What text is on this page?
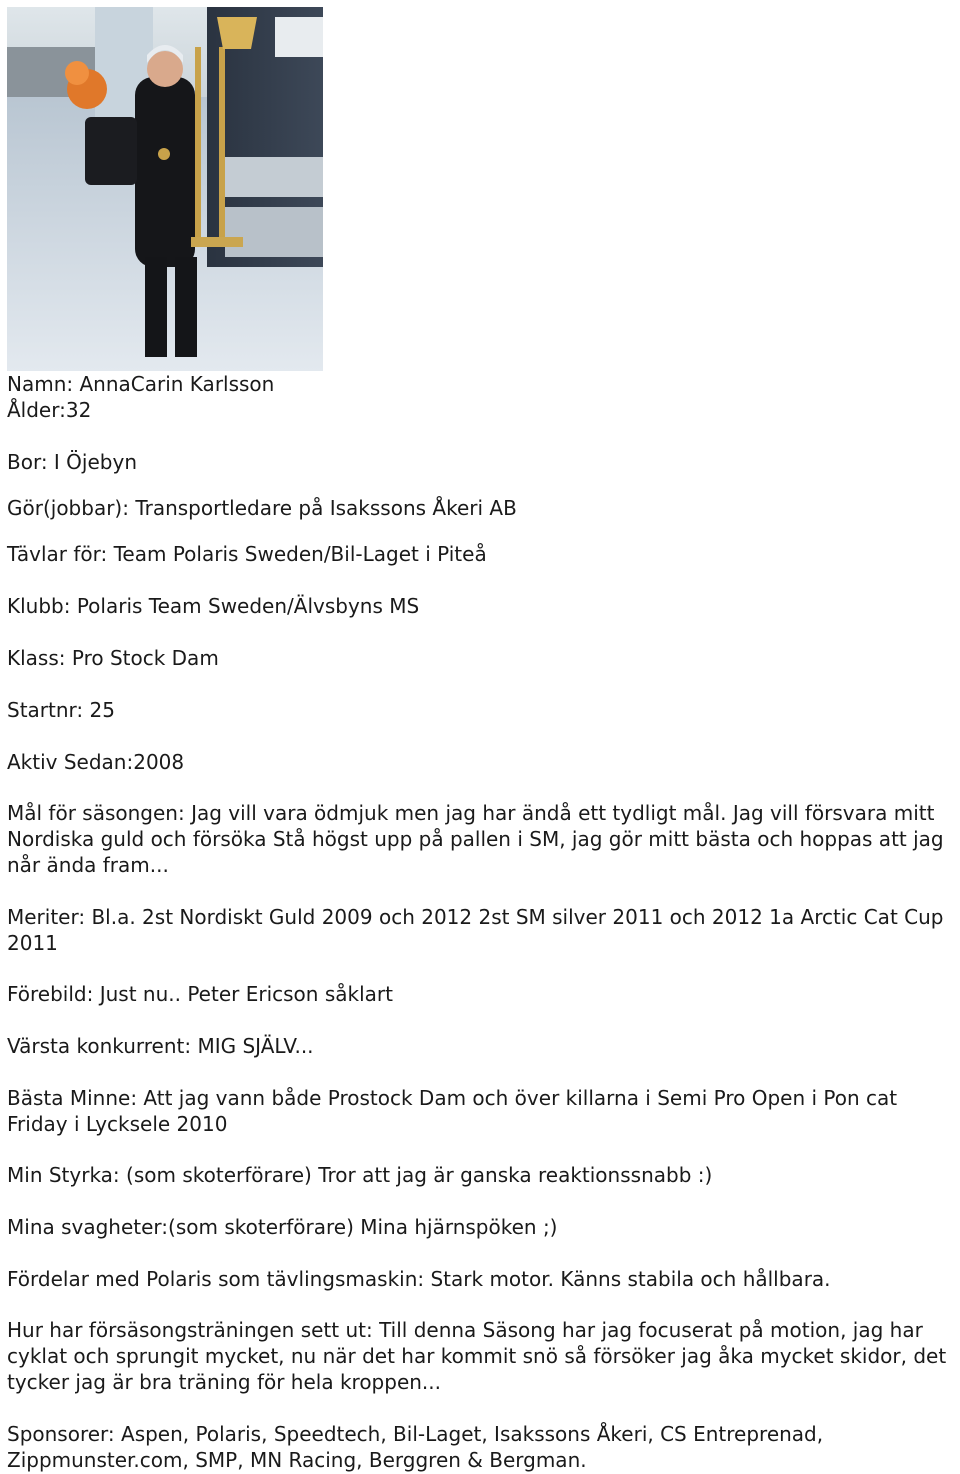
Namn: AnnaCarin Karlsson

Ålder:32

Bor: I Öjebyn

Gör(jobbar): Transportledare på Isakssons Åkeri AB

Tävlar för: Team Polaris Sweden/Bil-Laget i Piteå

Klubb: Polaris Team Sweden/Älvsbyns MS

Klass: Pro Stock Dam

Startnr: 25

Aktiv Sedan:2008

Mål för säsongen: Jag vill vara ödmjuk men jag har ändå ett tydligt mål. Jag vill försvara mitt Nordiska guld och försöka Stå högst upp på pallen i SM, jag gör mitt bästa och hoppas att jag når ända fram...

Meriter: Bl.a. 2st Nordiskt Guld 2009 och 2012 2st SM silver 2011 och 2012 1a Arctic Cat Cup 2011

Förebild: Just nu.. Peter Ericson såklart

Värsta konkurrent: MIG SJÄLV...

Bästa Minne: Att jag vann både Prostock Dam och över killarna i Semi Pro Open i Pon cat Friday i Lycksele 2010

Min Styrka: (som skoterförare) Tror att jag är ganska reaktionssnabb :)

Mina svagheter:(som skoterförare) Mina hjärnspöken ;)

Fördelar med Polaris som tävlingsmaskin: Stark motor. Känns stabila och hållbara.

Hur har försäsongsträningen sett ut: Till denna Säsong har jag focuserat på motion, jag har cyklat och sprungit mycket, nu när det har kommit snö så försöker jag åka mycket skidor, det tycker jag är bra träning för hela kroppen...

Sponsorer: Aspen, Polaris, Speedtech, Bil-Laget, Isakssons Åkeri, CS Entreprenad, Zippmunster.com, SMP, MN Racing, Berggren & Bergman.
